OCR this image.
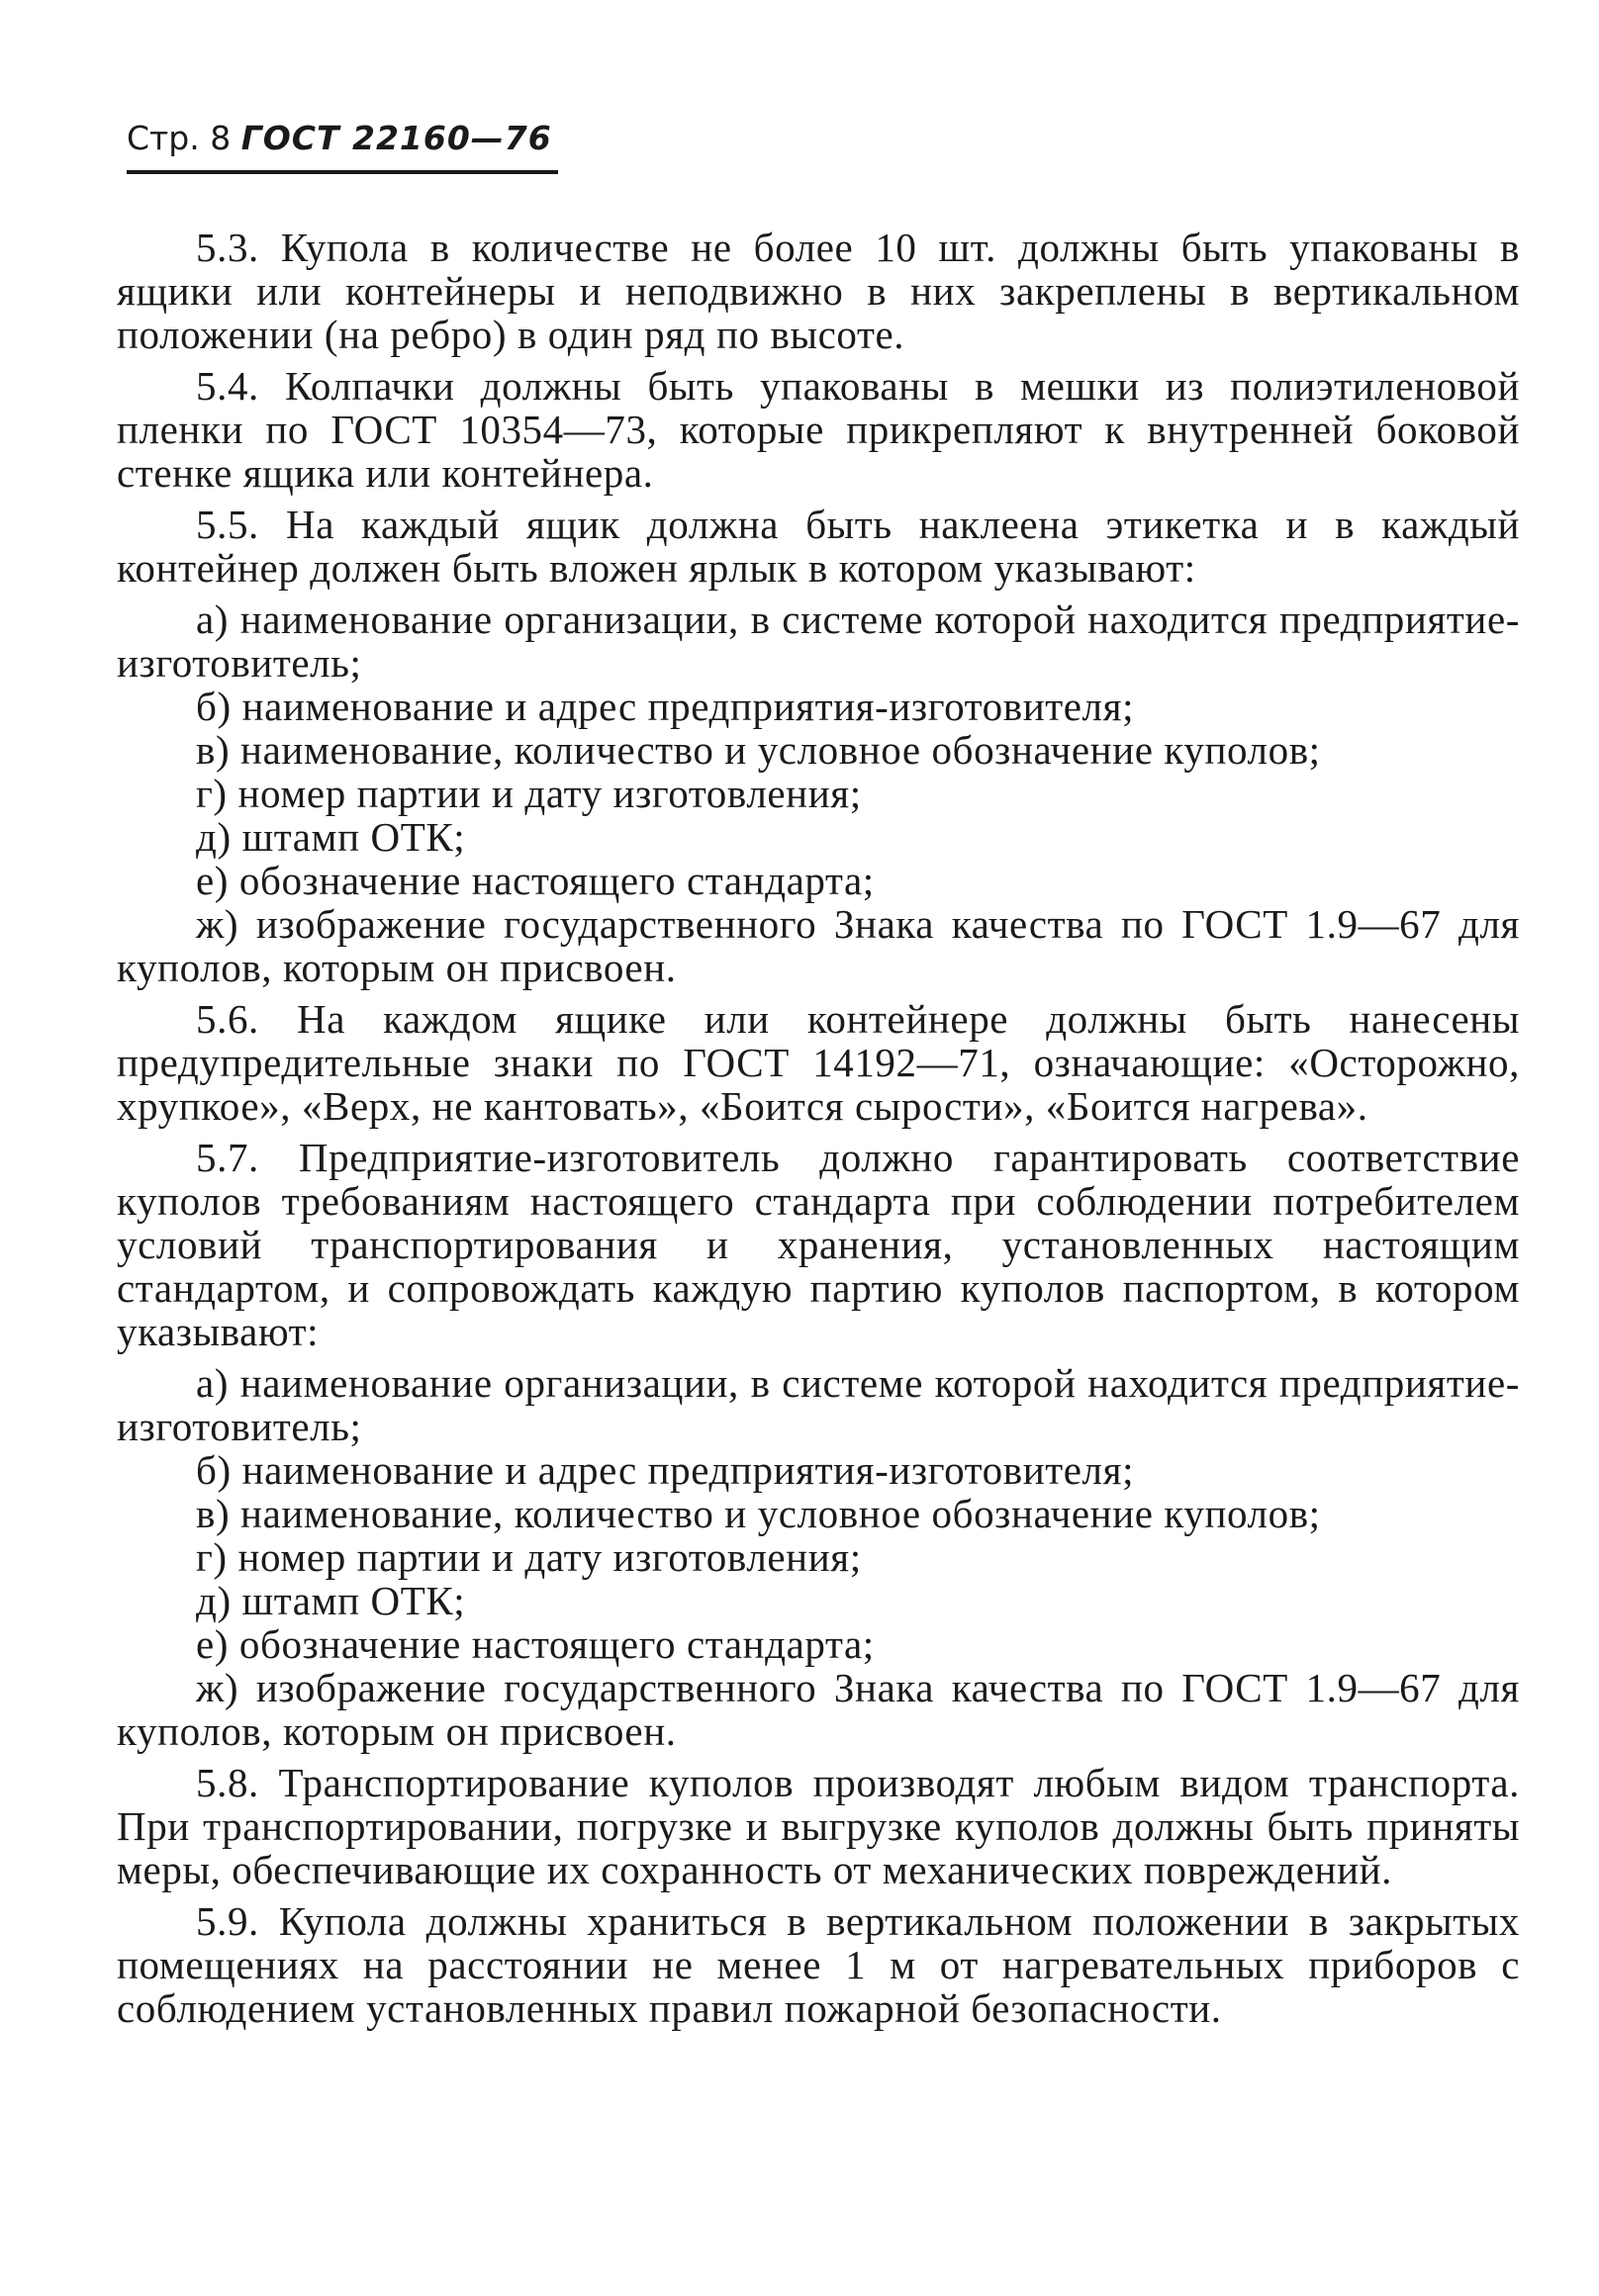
Стр. 8 ГОСТ 22160—76

5.3. Купола в количестве не более 10 шт. должны быть упакованы в ящики или контейнеры и неподвижно в них закреплены в вертикальном положении (на ребро) в один ряд по высоте.

5.4. Колпачки должны быть упакованы в мешки из полиэтиленовой пленки по ГОСТ 10354—73, которые прикрепляют к внутренней боковой стенке ящика или контейнера.

5.5. На каждый ящик должна быть наклеена этикетка и в каждый контейнер должен быть вложен ярлык в котором указывают:

а) наименование организации, в системе которой находится предприятие-изготовитель;

б) наименование и адрес предприятия-изготовителя;

в) наименование, количество и условное обозначение куполов;

г) номер партии и дату изготовления;

д) штамп ОТК;

е) обозначение настоящего стандарта;

ж) изображение государственного Знака качества по ГОСТ 1.9—67 для куполов, которым он присвоен.

5.6. На каждом ящике или контейнере должны быть нанесены предупредительные знаки по ГОСТ 14192—71, означающие: «Осторожно, хрупкое», «Верх, не кантовать», «Боится сырости», «Боится нагрева».

5.7. Предприятие-изготовитель должно гарантировать соответствие куполов требованиям настоящего стандарта при соблюдении потребителем условий транспортирования и хранения, установленных настоящим стандартом, и сопровождать каждую партию куполов паспортом, в котором указывают:

а) наименование организации, в системе которой находится предприятие-изготовитель;

б) наименование и адрес предприятия-изготовителя;

в) наименование, количество и условное обозначение куполов;

г) номер партии и дату изготовления;

д) штамп ОТК;

е) обозначение настоящего стандарта;

ж) изображение государственного Знака качества по ГОСТ 1.9—67 для куполов, которым он присвоен.

5.8. Транспортирование куполов производят любым видом транспорта. При транспортировании, погрузке и выгрузке куполов должны быть приняты меры, обеспечивающие их сохранность от механических повреждений.

5.9. Купола должны храниться в вертикальном положении в закрытых помещениях на расстоянии не менее 1 м от нагревательных приборов с соблюдением установленных правил пожарной безопасности.
